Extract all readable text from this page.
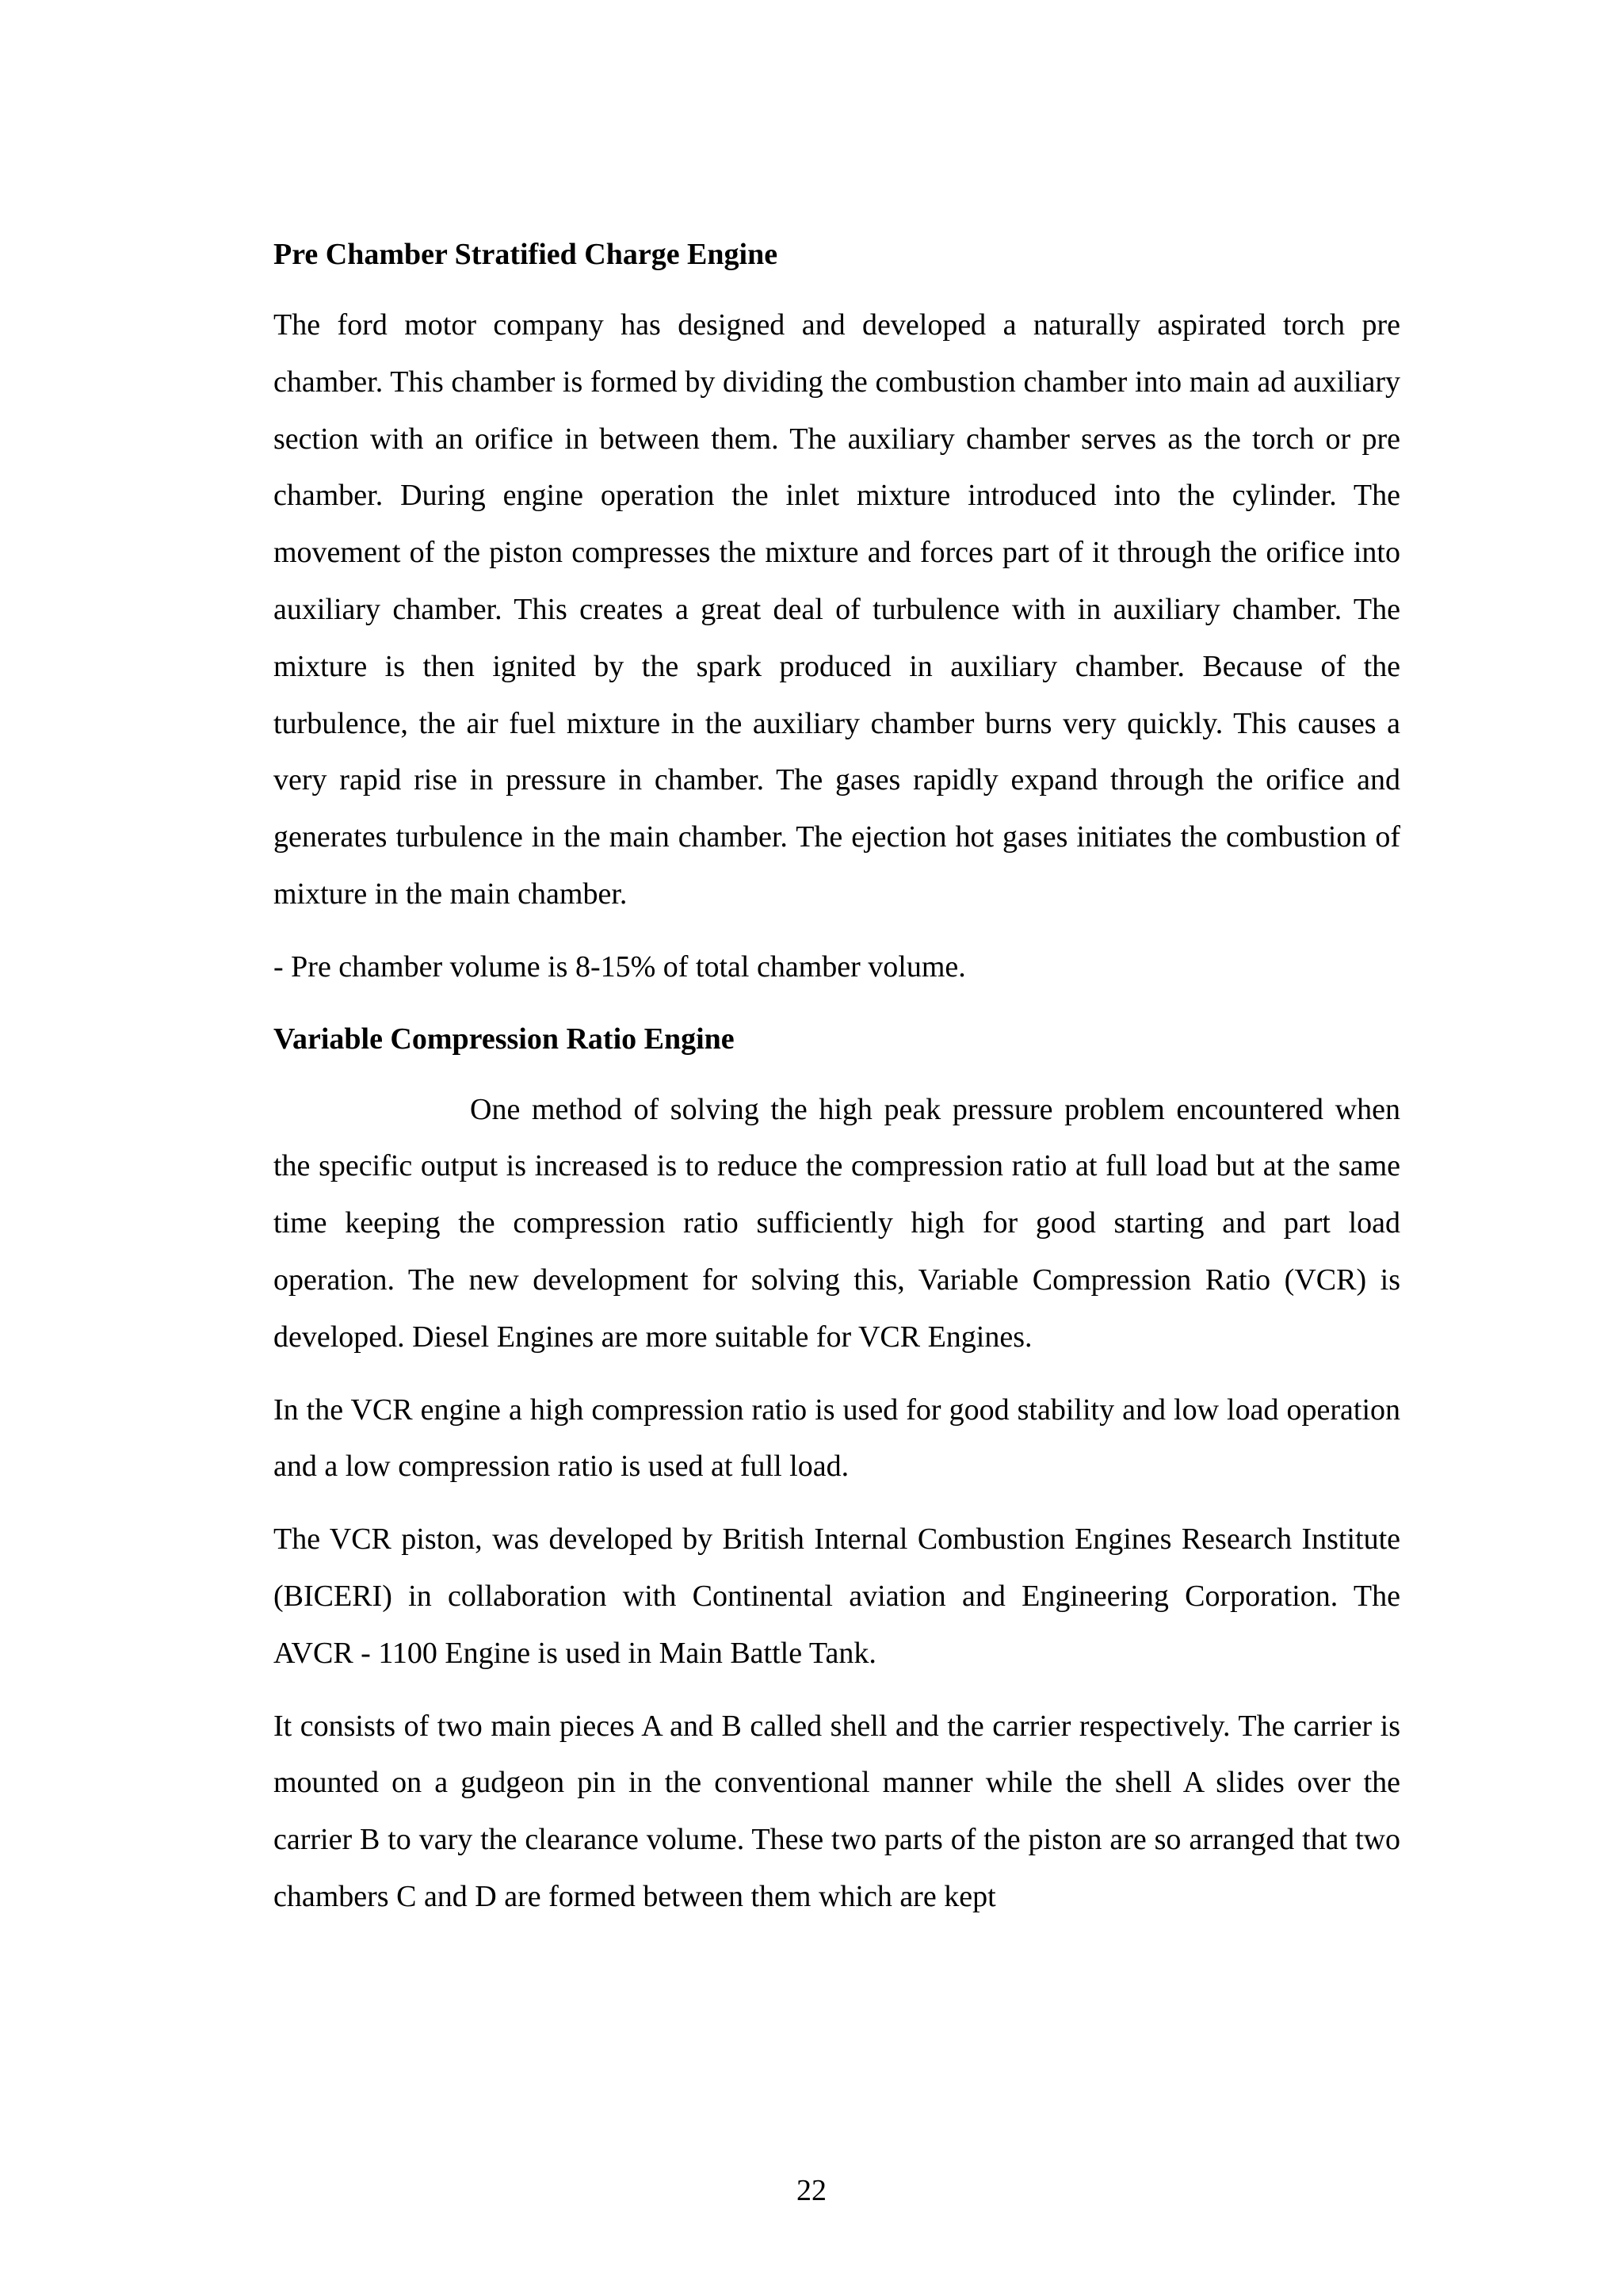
Pre Chamber Stratified Charge Engine

The ford motor company has designed and developed a naturally aspirated torch pre chamber. This chamber is formed by dividing the combustion chamber into main ad auxiliary section with an orifice in between them. The auxiliary chamber serves as the torch or pre chamber. During engine operation the inlet mixture introduced into the cylinder. The movement of the piston compresses the mixture and forces part of it through the orifice into auxiliary chamber. This creates a great deal of turbulence with in auxiliary chamber. The mixture is then ignited by the spark produced in auxiliary chamber. Because of the turbulence, the air fuel mixture in the auxiliary chamber burns very quickly. This causes a very rapid rise in pressure in chamber. The gases rapidly expand through the orifice and generates turbulence in the main chamber. The ejection hot gases initiates the combustion of mixture in the main chamber.

- Pre chamber volume is 8-15% of total chamber volume.

Variable Compression Ratio Engine

One method of solving the high peak pressure problem encountered when the specific output is increased is to reduce the compression ratio at full load but at the same time keeping the compression ratio sufficiently high for good starting and part load operation. The new development for solving this, Variable Compression Ratio (VCR) is developed. Diesel Engines are more suitable for VCR Engines.

In the VCR engine a high compression ratio is used for good stability and low load operation and a low compression ratio is used at full load.

The VCR piston, was developed by British Internal Combustion Engines Research Institute (BICERI) in collaboration with Continental aviation and Engineering Corporation. The AVCR - 1100 Engine is used in Main Battle Tank.

It consists of two main pieces A and B called shell and the carrier respectively. The carrier is mounted on a gudgeon pin in the conventional manner while the shell A slides over the carrier B to vary the clearance volume. These two parts of the piston are so arranged that two chambers C and D are formed between them which are kept

22
